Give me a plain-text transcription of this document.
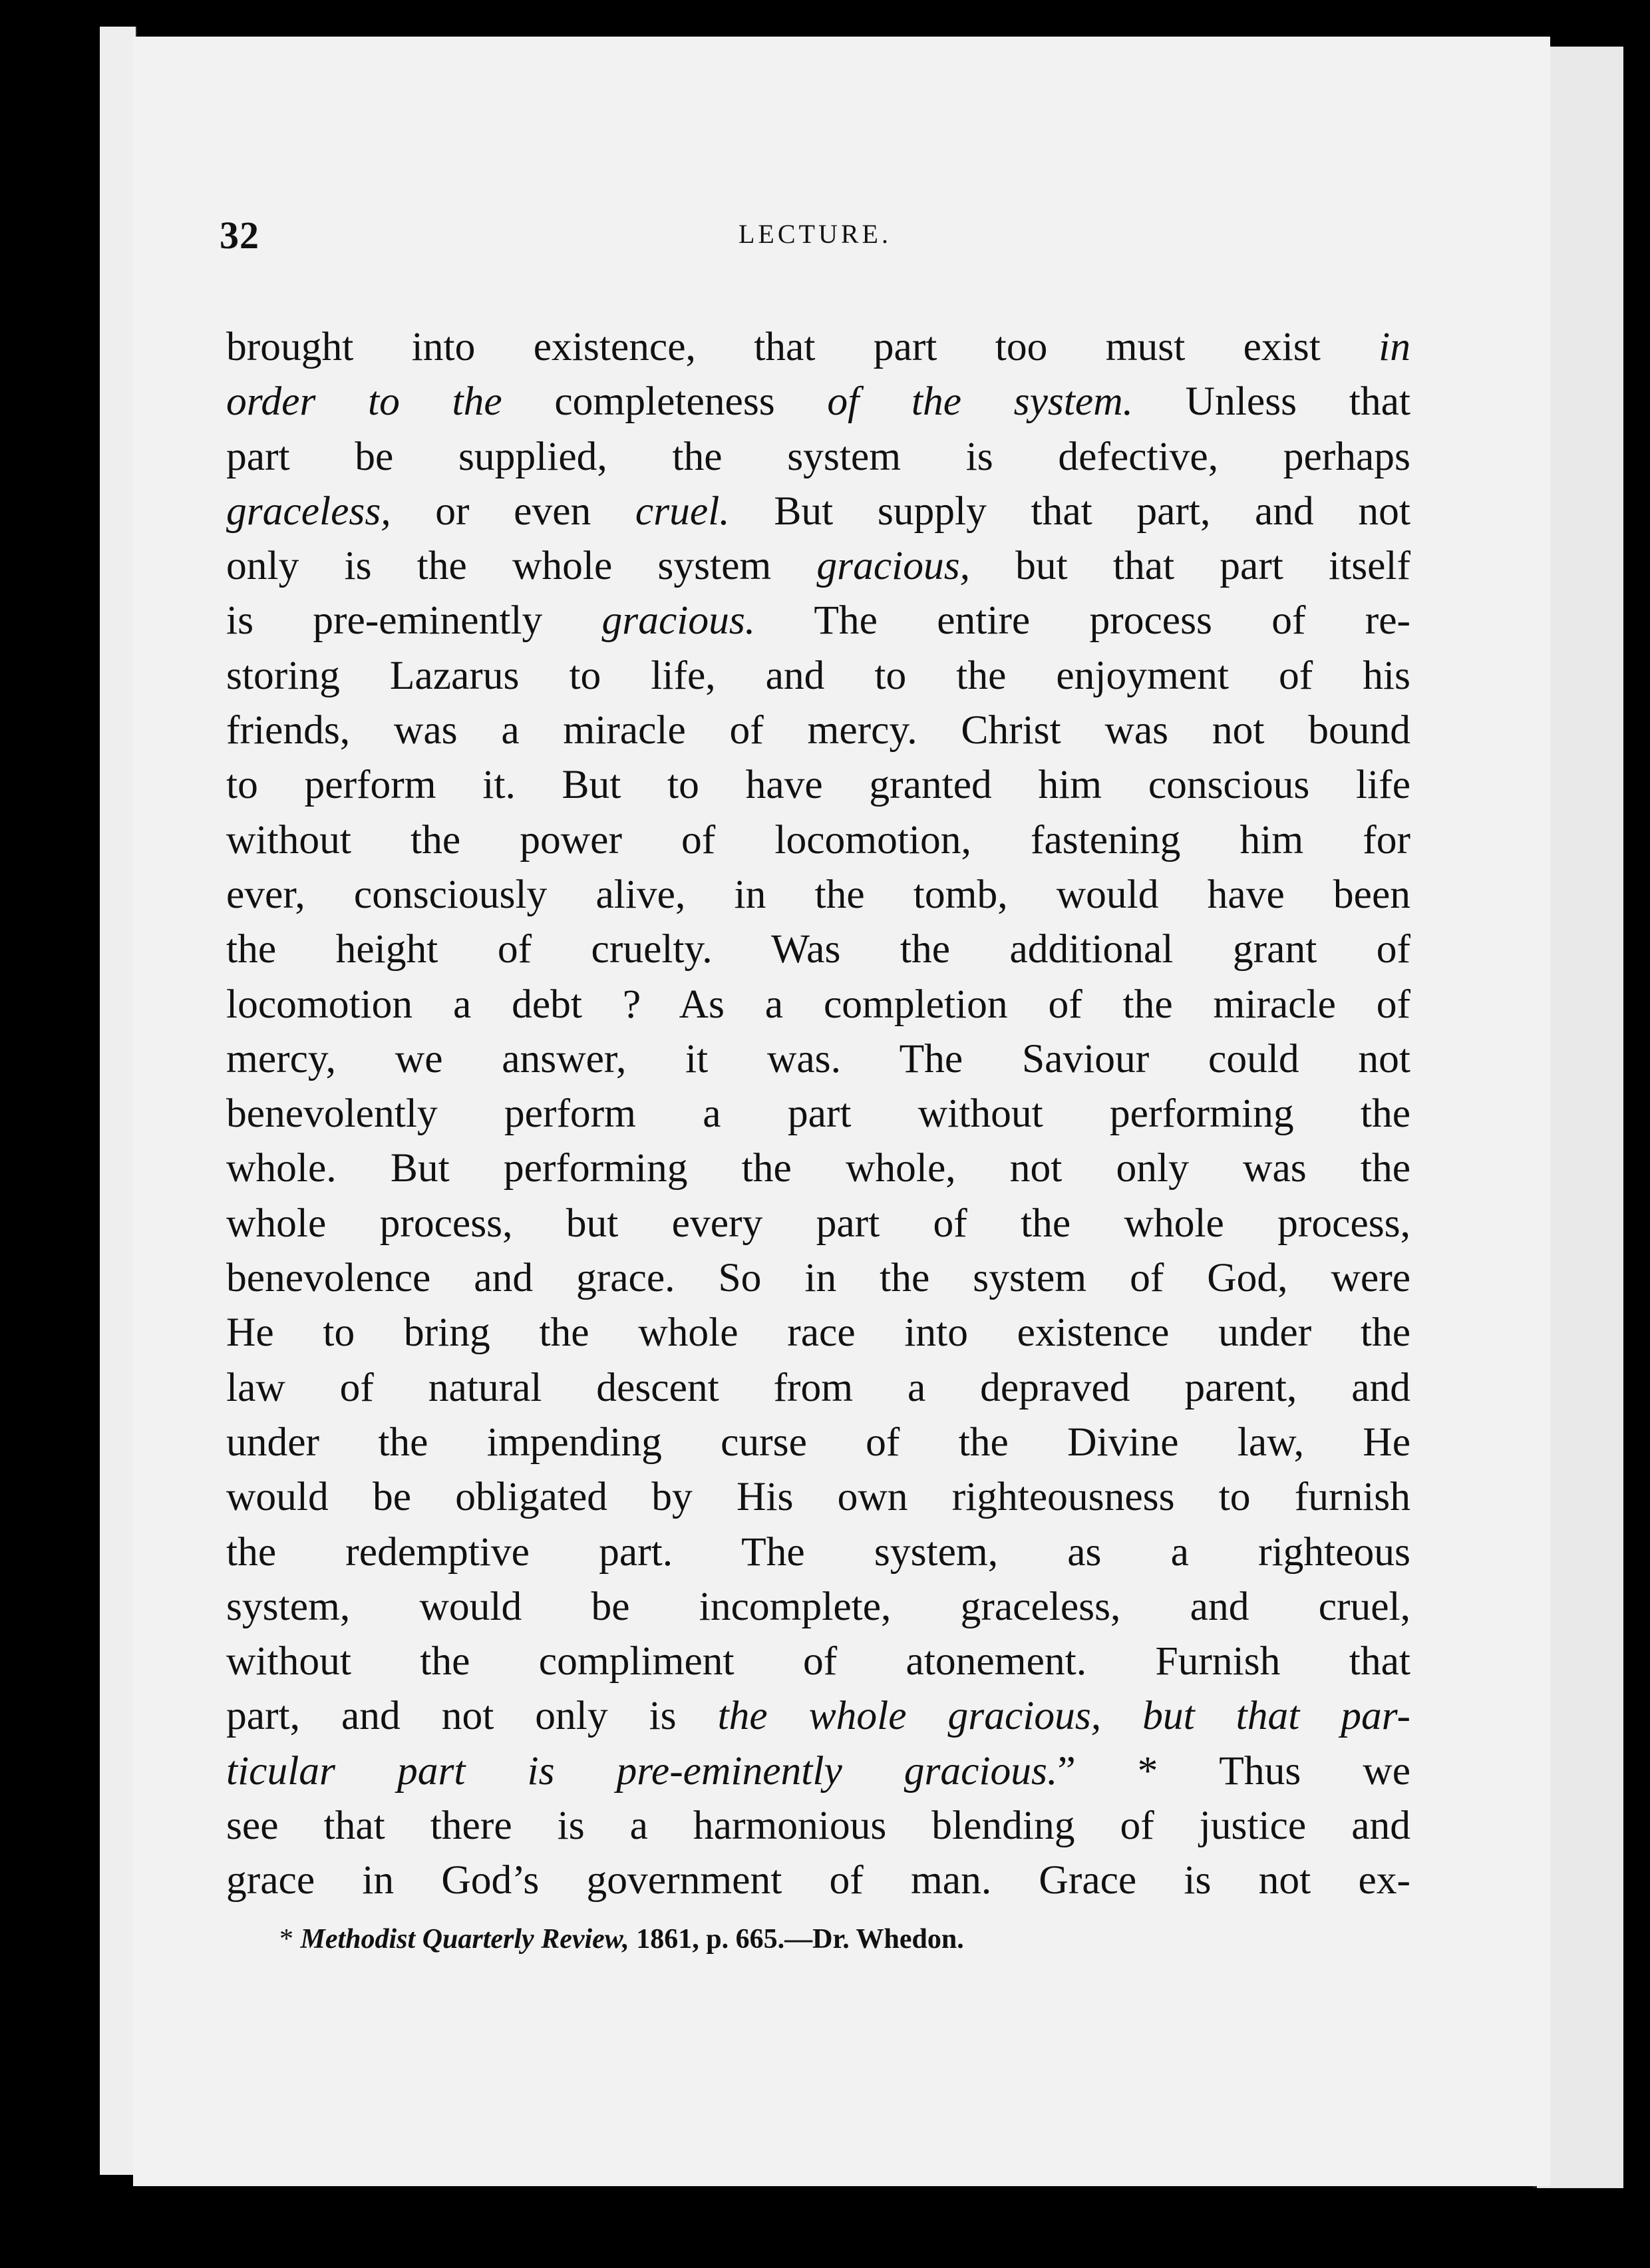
32	LECTURE.
brought into existence, that part too must exist in
order to the completeness of the system. Unless that
part be supplied, the system is defective, perhaps
graceless, or even cruel. But supply that part, and not
only is the whole system gracious, but that part itself
is pre-eminently gracious. The entire process of re-
storing Lazarus to life, and to the enjoyment of his
friends, was a miracle of mercy. Christ was not bound
to perform it. But to have granted him conscious life
without the power of locomotion, fastening him for
ever, consciously alive, in the tomb, would have been
the height of cruelty. Was the additional grant of
locomotion a debt ? As a completion of the miracle of
mercy, we answer, it was. The Saviour could not
benevolently perform a part without performing the
whole. But performing the whole, not only was the
whole process, but every part of the whole process,
benevolence and grace. So in the system of God, were
He to bring the whole race into existence under the
law of natural descent from a depraved parent, and
under the impending curse of the Divine law, He
would be obligated by His own righteousness to furnish
the redemptive part. The system, as a righteous
system, would be incomplete, graceless, and cruel,
without the compliment of atonement. Furnish that
part, and not only is the whole gracious, but that par-
ticular part is pre-eminently gracious.” * Thus we
see that there is a harmonious blending of justice and
grace in God’s government of man. Grace is not ex-
* Methodist Quarterly Review, 1861, p. 665.—Dr. Whedon.
